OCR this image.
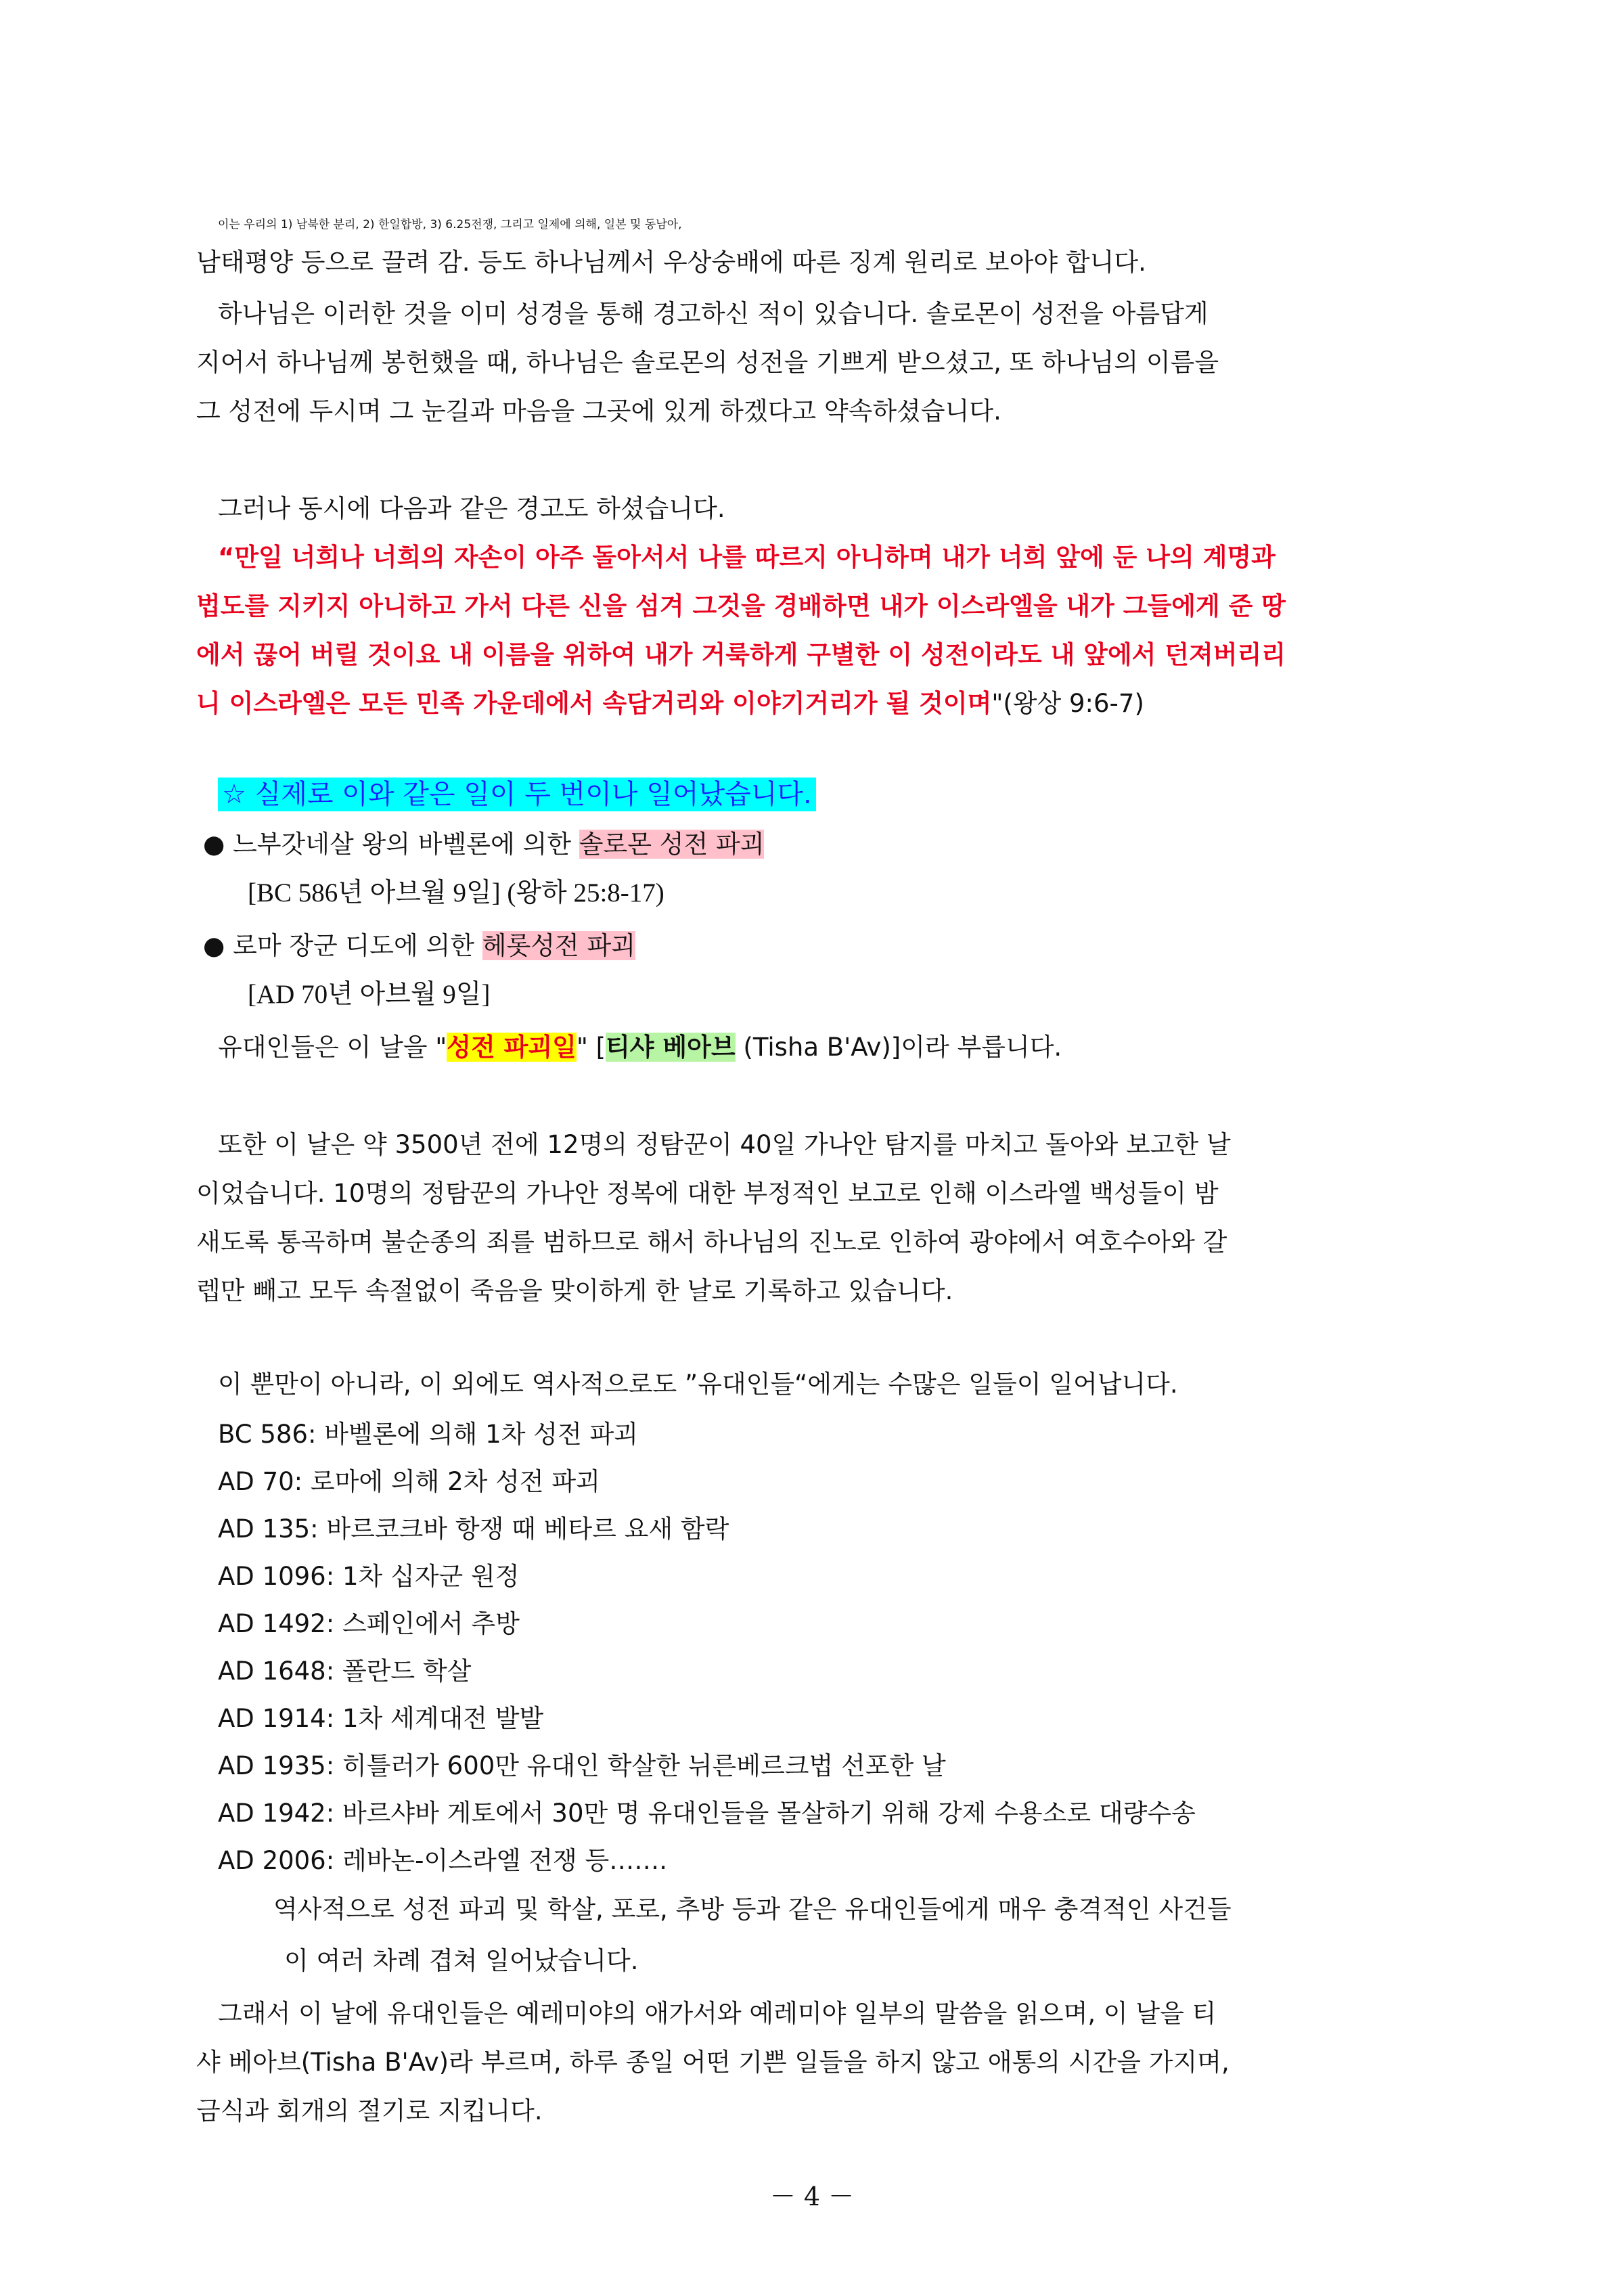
이는 우리의 1) 남북한 분리, 2) 한일합방, 3) 6.25전쟁, 그리고 일제에 의해, 일본 및 동남아,
남태평양 등으로 끌려 감. 등도 하나님께서 우상숭배에 따른 징계 원리로 보아야 합니다.
하나님은 이러한 것을 이미 성경을 통해 경고하신 적이 있습니다. 솔로몬이 성전을 아름답게
지어서 하나님께 봉헌했을 때, 하나님은 솔로몬의 성전을 기쁘게 받으셨고, 또 하나님의 이름을
그 성전에 두시며 그 눈길과 마음을 그곳에 있게 하겠다고 약속하셨습니다.
그러나 동시에 다음과 같은 경고도 하셨습니다.
“만일 너희나 너희의 자손이 아주 돌아서서 나를 따르지 아니하며 내가 너희 앞에 둔 나의 계명과
법도를 지키지 아니하고 가서 다른 신을 섬겨 그것을 경배하면 내가 이스라엘을 내가 그들에게 준 땅
에서 끊어 버릴 것이요 내 이름을 위하여 내가 거룩하게 구별한 이 성전이라도 내 앞에서 던져버리리
니 이스라엘은 모든 민족 가운데에서 속담거리와 이야기거리가 될 것이며"(왕상 9:6-7)
☆ 실제로 이와 같은 일이 두 번이나 일어났습니다.
● 느부갓네살 왕의 바벨론에 의한 솔로몬 성전 파괴
[BC 586년 아브월 9일] (왕하 25:8-17)
● 로마 장군 디도에 의한 헤롯성전 파괴
[AD 70년 아브월 9일]
유대인들은 이 날을 "성전 파괴일" [티샤 베아브 (Tisha B'Av)]이라 부릅니다.
또한 이 날은 약 3500년 전에 12명의 정탐꾼이 40일 가나안 탐지를 마치고 돌아와 보고한 날
이었습니다. 10명의 정탐꾼의 가나안 정복에 대한 부정적인 보고로 인해 이스라엘 백성들이 밤
새도록 통곡하며 불순종의 죄를 범하므로 해서 하나님의 진노로 인하여 광야에서 여호수아와 갈
렙만 빼고 모두 속절없이 죽음을 맞이하게 한 날로 기록하고 있습니다.
이 뿐만이 아니라, 이 외에도 역사적으로도 ”유대인들“에게는 수많은 일들이 일어납니다.
BC 586: 바벨론에 의해 1차 성전 파괴
AD 70: 로마에 의해 2차 성전 파괴
AD 135: 바르코크바 항쟁 때 베타르 요새 함락
AD 1096: 1차 십자군 원정
AD 1492: 스페인에서 추방
AD 1648: 폴란드 학살
AD 1914: 1차 세계대전 발발
AD 1935: 히틀러가 600만 유대인 학살한 뉘른베르크법 선포한 날
AD 1942: 바르샤바 게토에서 30만 명 유대인들을 몰살하기 위해 강제 수용소로 대량수송
AD 2006: 레바논-이스라엘 전쟁 등…….
역사적으로 성전 파괴 및 학살, 포로, 추방 등과 같은 유대인들에게 매우 충격적인 사건들
이 여러 차례 겹쳐 일어났습니다.
그래서 이 날에 유대인들은 예레미야의 애가서와 예레미야 일부의 말씀을 읽으며, 이 날을 티
샤 베아브(Tisha B'Av)라 부르며, 하루 종일 어떤 기쁜 일들을 하지 않고 애통의 시간을 가지며,
금식과 회개의 절기로 지킵니다.
－ 4 －
